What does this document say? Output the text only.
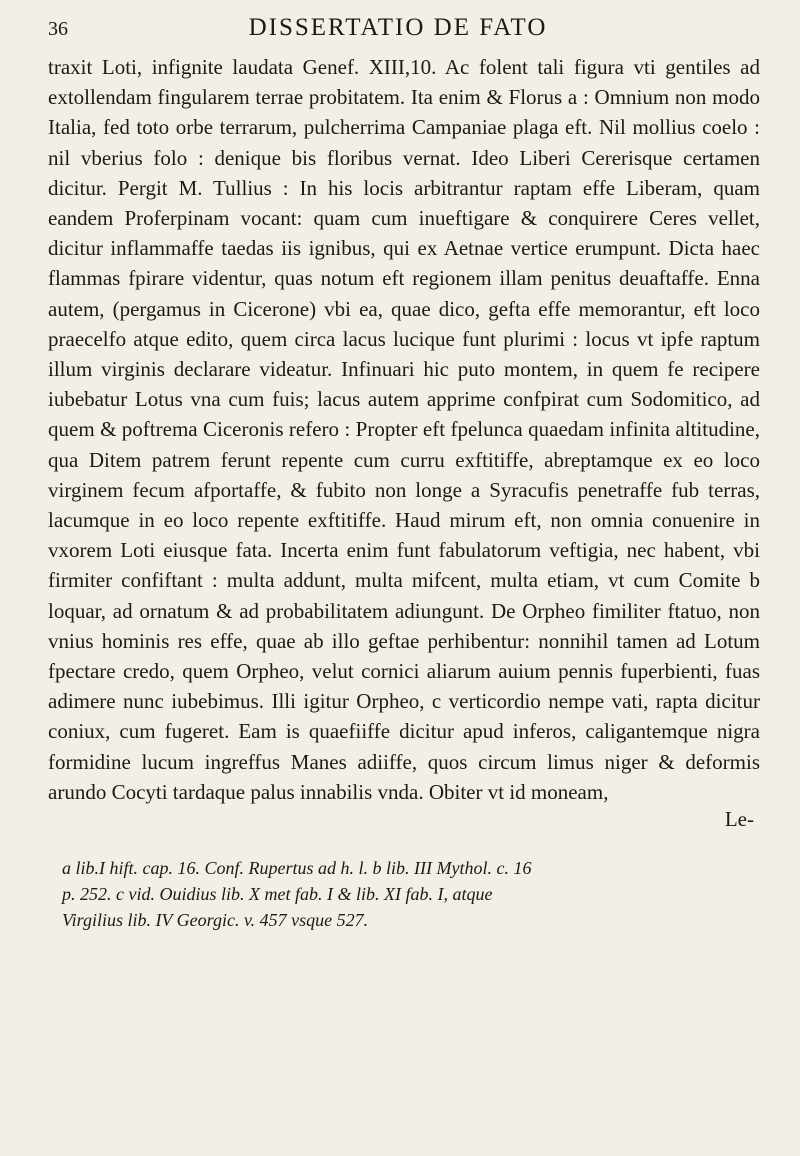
36	DISSERTATIO DE FATO

traxit Loti, infignite laudata Genef. XIII,10. Ac folent tali figura vti gentiles ad extollendam fingularem terrae probitatem. Ita enim & Florus a : Omnium non modo Italia, fed toto orbe terrarum, pulcherrima Campaniae plaga eft. Nil mollius coelo : nil vberius folo : denique bis floribus vernat. Ideo Liberi Cererisque certamen dicitur. Pergit M. Tullius : In his locis arbitrantur raptam effe Liberam, quam eandem Proferpinam vocant: quam cum inueftigare & conquirere Ceres vellet, dicitur inflammaffe taedas iis ignibus, qui ex Aetnae vertice erumpunt. Dicta haec flammas fpirare videntur, quas notum eft regionem illam penitus deuaftaffe. Enna autem, (pergamus in Cicerone) vbi ea, quae dico, gefta effe memorantur, eft loco praecelfo atque edito, quem circa lacus lucique funt plurimi : locus vt ipfe raptum illum virginis declarare videatur. Infinuari hic puto montem, in quem fe recipere iubebatur Lotus vna cum fuis; lacus autem apprime confpirat cum Sodomitico, ad quem & poftrema Ciceronis refero : Propter eft fpelunca quaedam infinita altitudine, qua Ditem patrem ferunt repente cum curru exftitiffe, abreptamque ex eo loco virginem fecum afportaffe, & fubito non longe a Syracufis penetraffe fub terras, lacumque in eo loco repente exftitiffe. Haud mirum eft, non omnia conuenire in vxorem Loti eiusque fata. Incerta enim funt fabulatorum veftigia, nec habent, vbi firmiter confiftant : multa addunt, multa mifcent, multa etiam, vt cum Comite b loquar, ad ornatum & ad probabilitatem adiungunt. De Orpheo fimiliter ftatuo, non vnius hominis res effe, quae ab illo geftae perhibentur: nonnihil tamen ad Lotum fpectare credo, quem Orpheo, velut cornici aliarum auium pennis fuperbienti, fuas adimere nunc iubebimus. Illi igitur Orpheo, c verticordio nempe vati, rapta dicitur coniux, cum fugeret. Eam is quaefiiffe dicitur apud inferos, caligantemque nigra formidine lucum ingreffus Manes adiiffe, quos circum limus niger & deformis arundo Cocyti tardaque palus innabilis vnda. Obiter vt id moneam,

Le-

a lib.I hift. cap. 16. Conf. Rupertus ad h. l. b lib. III Mythol. c. 16

p. 252. c vid. Ouidius lib. X met fab. I & lib. XI fab. I, atque

Virgilius lib. IV Georgic. v. 457 vsque 527.
